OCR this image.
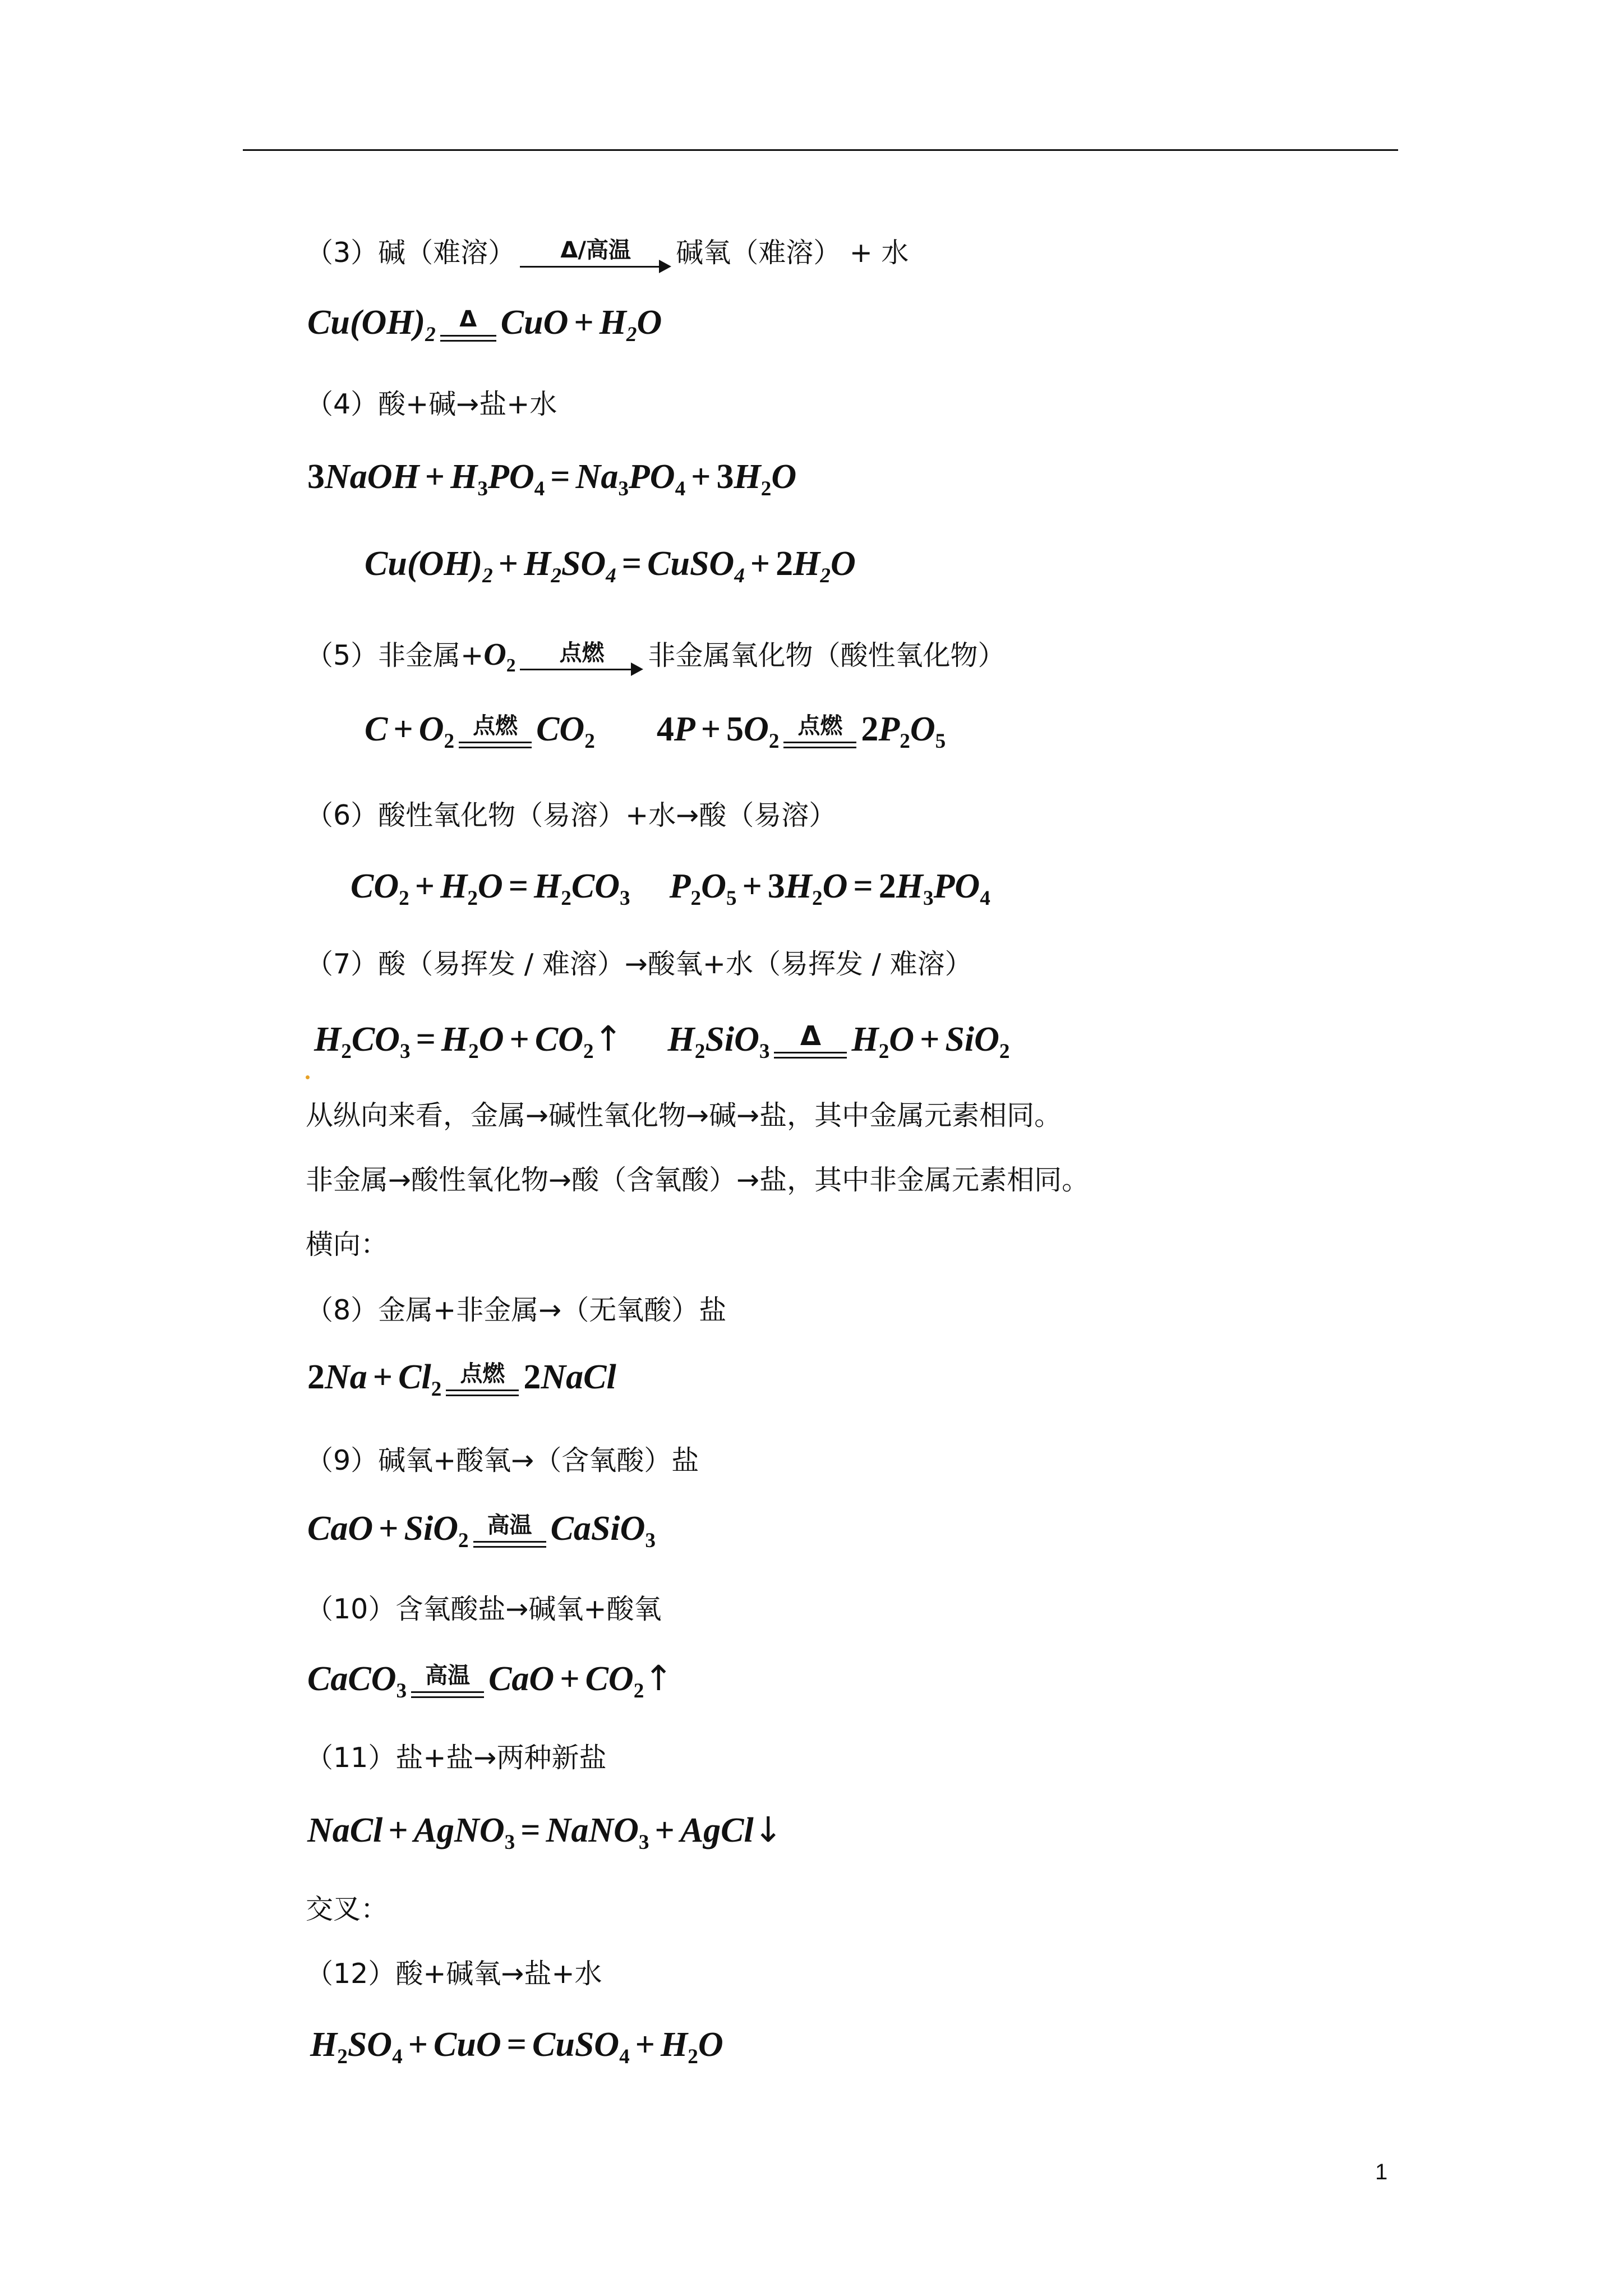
（3）碱（难溶）	Δ/高温	碱氧（难溶） + 水
$Cu(OH)_2$
Δ CuO + $H_2O$
（4）酸+碱→盐+水
3NaOH + $H_3PO_4 = Na_3PO_4 + 3H_2O$
$Cu(OH)_2 + H_2SO_4$ = CuSO$_4$ + $2H_2O$
（5）非金属$+O_2$	点燃	非金属氧化物（酸性氧化物）
$C + O_2$
点燃 $CO_2$ $4P + 5O_2$
点燃 $2P_2O_5$
（6）酸性氧化物（易溶）+水→酸（易溶）
$CO_2 + H_2O = H_2CO_3$ $P_2O_5 + 3H_2O = 2H_3PO_4$
（7）酸（易挥发 / 难溶）→酸氧+水（易挥发 / 难溶）
$H_2CO_3 = H_2O$ + $CO_2↑$ $H_2SiO_3$	Δ $H_2O + SiO_2$
从纵向来看，金属→碱性氧化物→碱→盐，其中金属元素相同。
非金属→酸性氧化物→酸（含氧酸）→盐，其中非金属元素相同。
横向：
（8）金属+非金属→（无氧酸）盐
$2Na + Cl_2$
点燃 2NaCl
（9）碱氧+酸氧→（含氧酸）盐
CaO + SiO$_2$
高温 CaSiO$_3$
（10）含氧酸盐→碱氧+酸氧
CaCO$_3$
高温 CaO + $CO_2↑$
（11）盐+盐→两种新盐
NaCl + AgNO$_3$ = NaNO$_3$ + AgCl↓
交叉：
（12）酸+碱氧→盐+水
$H_2SO_4$ + CuO = CuSO$_4$ + $H_2O$
1
